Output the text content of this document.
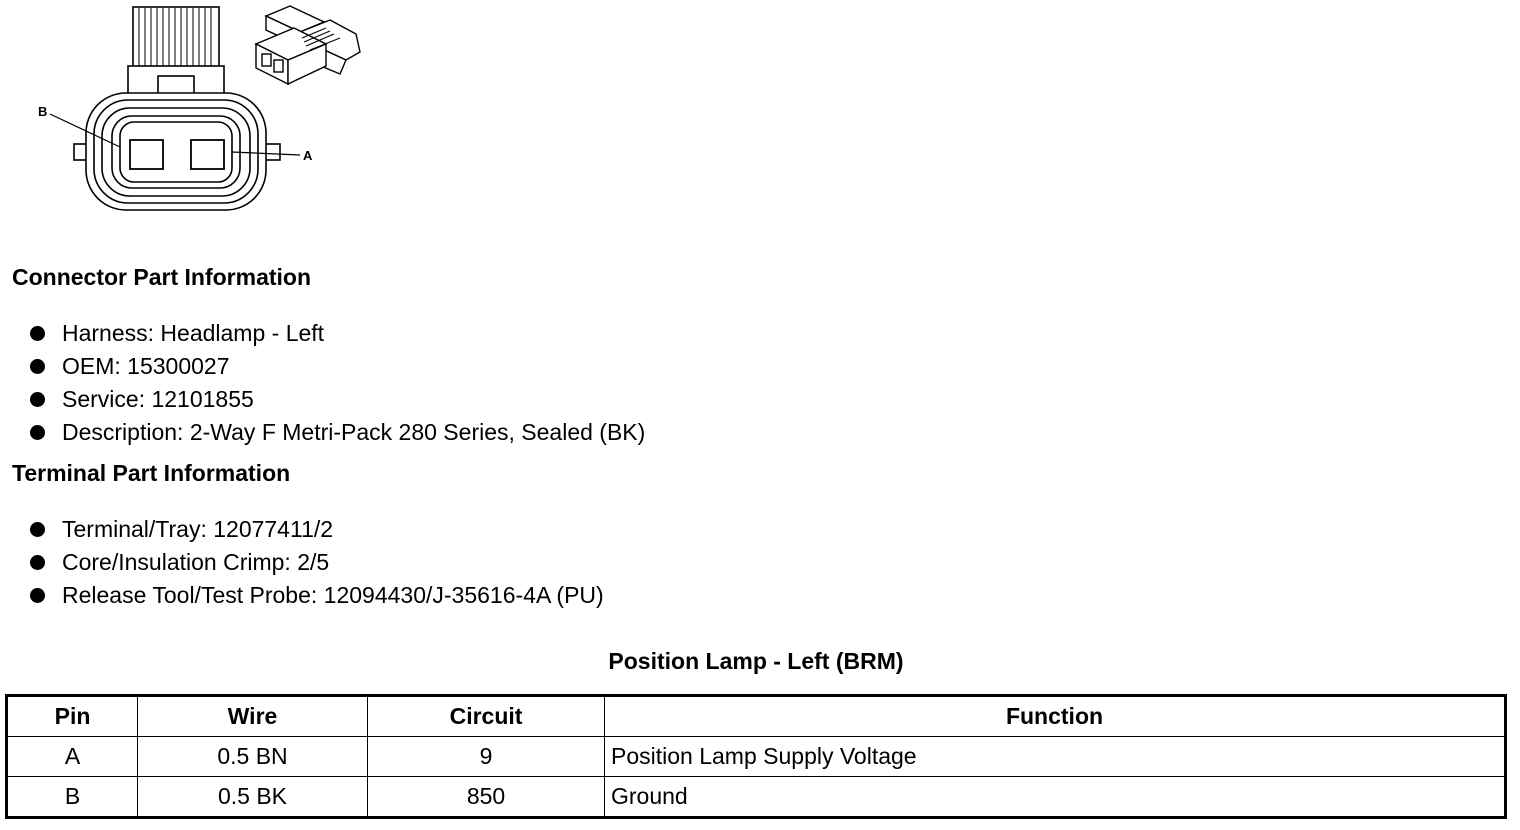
B
A
Connector Part Information
Harness: Headlamp - Left
OEM: 15300027
Service: 12101855
Description: 2-Way F Metri-Pack 280 Series, Sealed (BK)
Terminal Part Information
Terminal/Tray: 12077411/2
Core/Insulation Crimp: 2/5
Release Tool/Test Probe: 12094430/J-35616-4A (PU)
Position Lamp - Left (BRM)
Pin	Wire	Circuit	Function
A	0.5 BN	9	Position Lamp Supply Voltage
B	0.5 BK	850	Ground
